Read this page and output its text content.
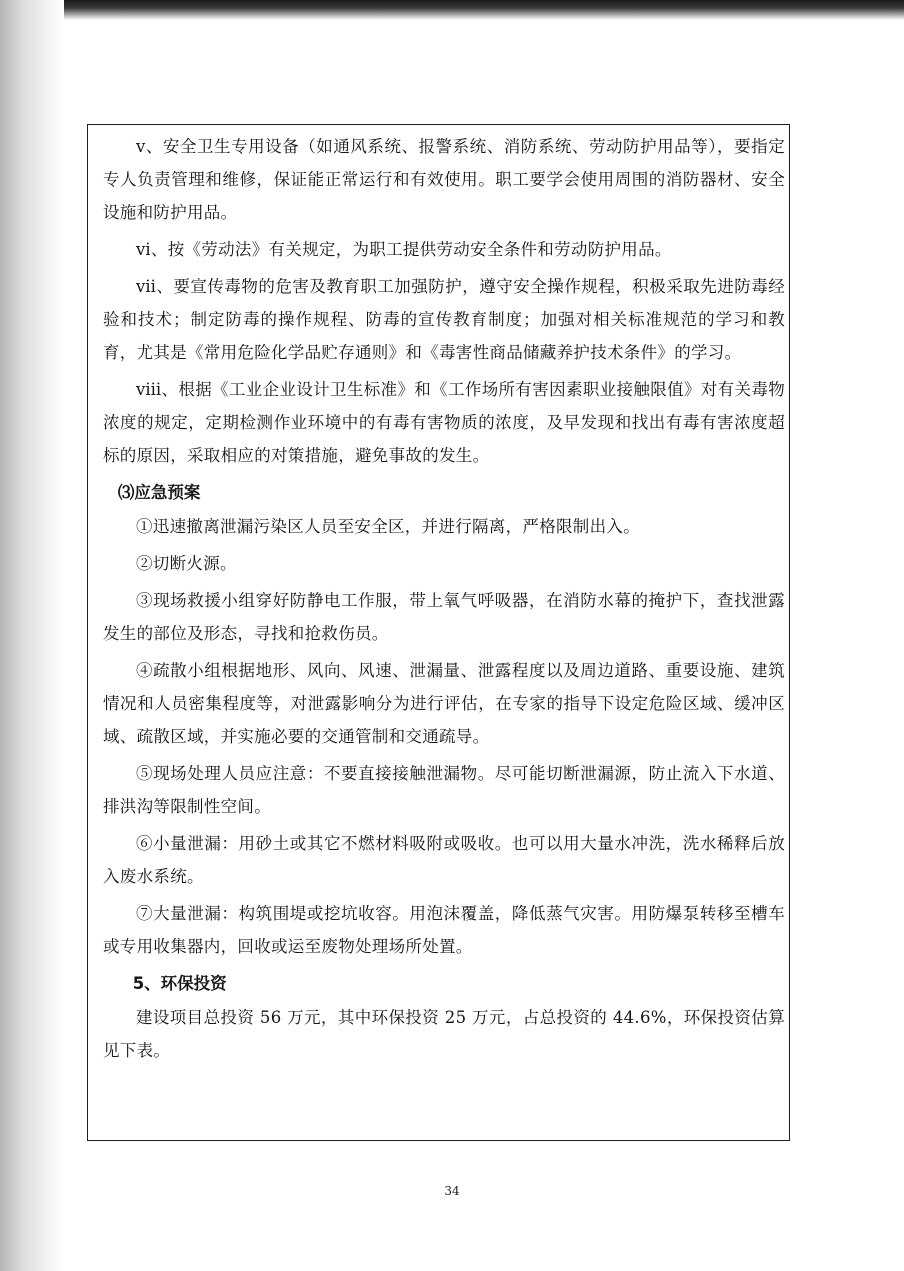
ⅴ、安全卫生专用设备（如通风系统、报警系统、消防系统、劳动防护用品等），要指定专人负责管理和维修，保证能正常运行和有效使用。职工要学会使用周围的消防器材、安全设施和防护用品。

ⅵ、按《劳动法》有关规定，为职工提供劳动安全条件和劳动防护用品。

ⅶ、要宣传毒物的危害及教育职工加强防护，遵守安全操作规程，积极采取先进防毒经验和技术；制定防毒的操作规程、防毒的宣传教育制度；加强对相关标准规范的学习和教育，尤其是《常用危险化学品贮存通则》和《毒害性商品储藏养护技术条件》的学习。

ⅷ、根据《工业企业设计卫生标准》和《工作场所有害因素职业接触限值》对有关毒物浓度的规定，定期检测作业环境中的有毒有害物质的浓度，及早发现和找出有毒有害浓度超标的原因，采取相应的对策措施，避免事故的发生。

⑶应急预案

①迅速撤离泄漏污染区人员至安全区，并进行隔离，严格限制出入。

②切断火源。

③现场救援小组穿好防静电工作服，带上氧气呼吸器，在消防水幕的掩护下，查找泄露发生的部位及形态，寻找和抢救伤员。

④疏散小组根据地形、风向、风速、泄漏量、泄露程度以及周边道路、重要设施、建筑情况和人员密集程度等，对泄露影响分为进行评估，在专家的指导下设定危险区域、缓冲区域、疏散区域，并实施必要的交通管制和交通疏导。

⑤现场处理人员应注意：不要直接接触泄漏物。尽可能切断泄漏源，防止流入下水道、排洪沟等限制性空间。

⑥小量泄漏：用砂土或其它不燃材料吸附或吸收。也可以用大量水冲洗，洗水稀释后放入废水系统。

⑦大量泄漏：构筑围堤或挖坑收容。用泡沫覆盖，降低蒸气灾害。用防爆泵转移至槽车或专用收集器内，回收或运至废物处理场所处置。

5、环保投资

建设项目总投资 56 万元，其中环保投资 25 万元，占总投资的 44.6%，环保投资估算见下表。

34
